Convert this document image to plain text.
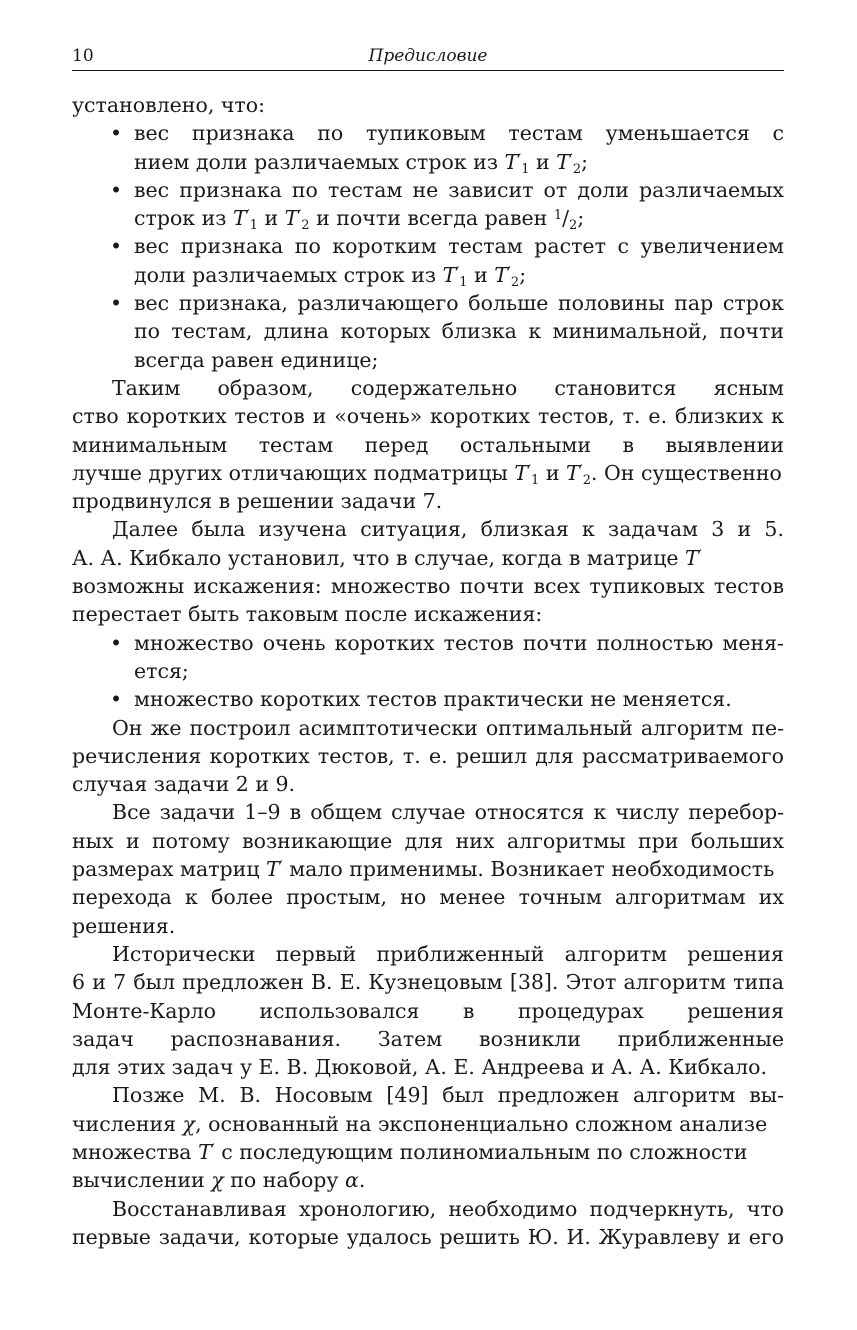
10	Предисловие
установлено, что:
• вес признака по тупиковым тестам уменьшается с
нием доли различаемых строк из $T'_1$ и $T'_2$;
• вес признака по тестам не зависит от доли различаемых
строк из $T'_1$ и $T'_2$ и почти всегда равен $^1/_2$;
• вес признака по коротким тестам растет с увеличением
доли различаемых строк из $T'_1$ и $T'_2$;
• вес признака, различающего больше половины пар строк
по тестам, длина которых близка к минимальной, почти
всегда равен единице;
Таким образом, содержательно становится ясным
ство коротких тестов и «очень» коротких тестов, т. е. близких к
минимальным тестам перед остальными в выявлении
лучше других отличающих подматрицы $T'_1$ и $T'_2$. Он существенно
продвинулся в решении задачи 7.
Далее была изучена ситуация, близкая к задачам 3 и 5.
А. А. Кибкало установил, что в случае, когда в матрице T′
возможны искажения: множество почти всех тупиковых тестов
перестает быть таковым после искажения:
• множество очень коротких тестов почти полностью меня-
ется;
• множество коротких тестов практически не меняется.
Он же построил асимптотически оптимальный алгоритм пе-
речисления коротких тестов, т. е. решил для рассматриваемого
случая задачи 2 и 9.
Все задачи 1–9 в общем случае относятся к числу перебор-
ных и потому возникающие для них алгоритмы при больших
размерах матриц T′ мало применимы. Возникает необходимость
перехода к более простым, но менее точным алгоритмам их
решения.
Исторически первый приближенный алгоритм решения
6 и 7 был предложен В. Е. Кузнецовым [38]. Этот алгоритм типа
Монте-Карло использовался в процедурах решения
задач распознавания. Затем возникли приближенные
для этих задач у Е. В. Дюковой, А. Е. Андреева и А. А. Кибкало.
Позже М. В. Носовым [49] был предложен алгоритм вы-
числения χ, основанный на экспоненциально сложном анализе
множества T′ с последующим полиномиальным по сложности
вычислении χ по набору α.
Восстанавливая хронологию, необходимо подчеркнуть, что
первые задачи, которые удалось решить Ю. И. Журавлеву и его
